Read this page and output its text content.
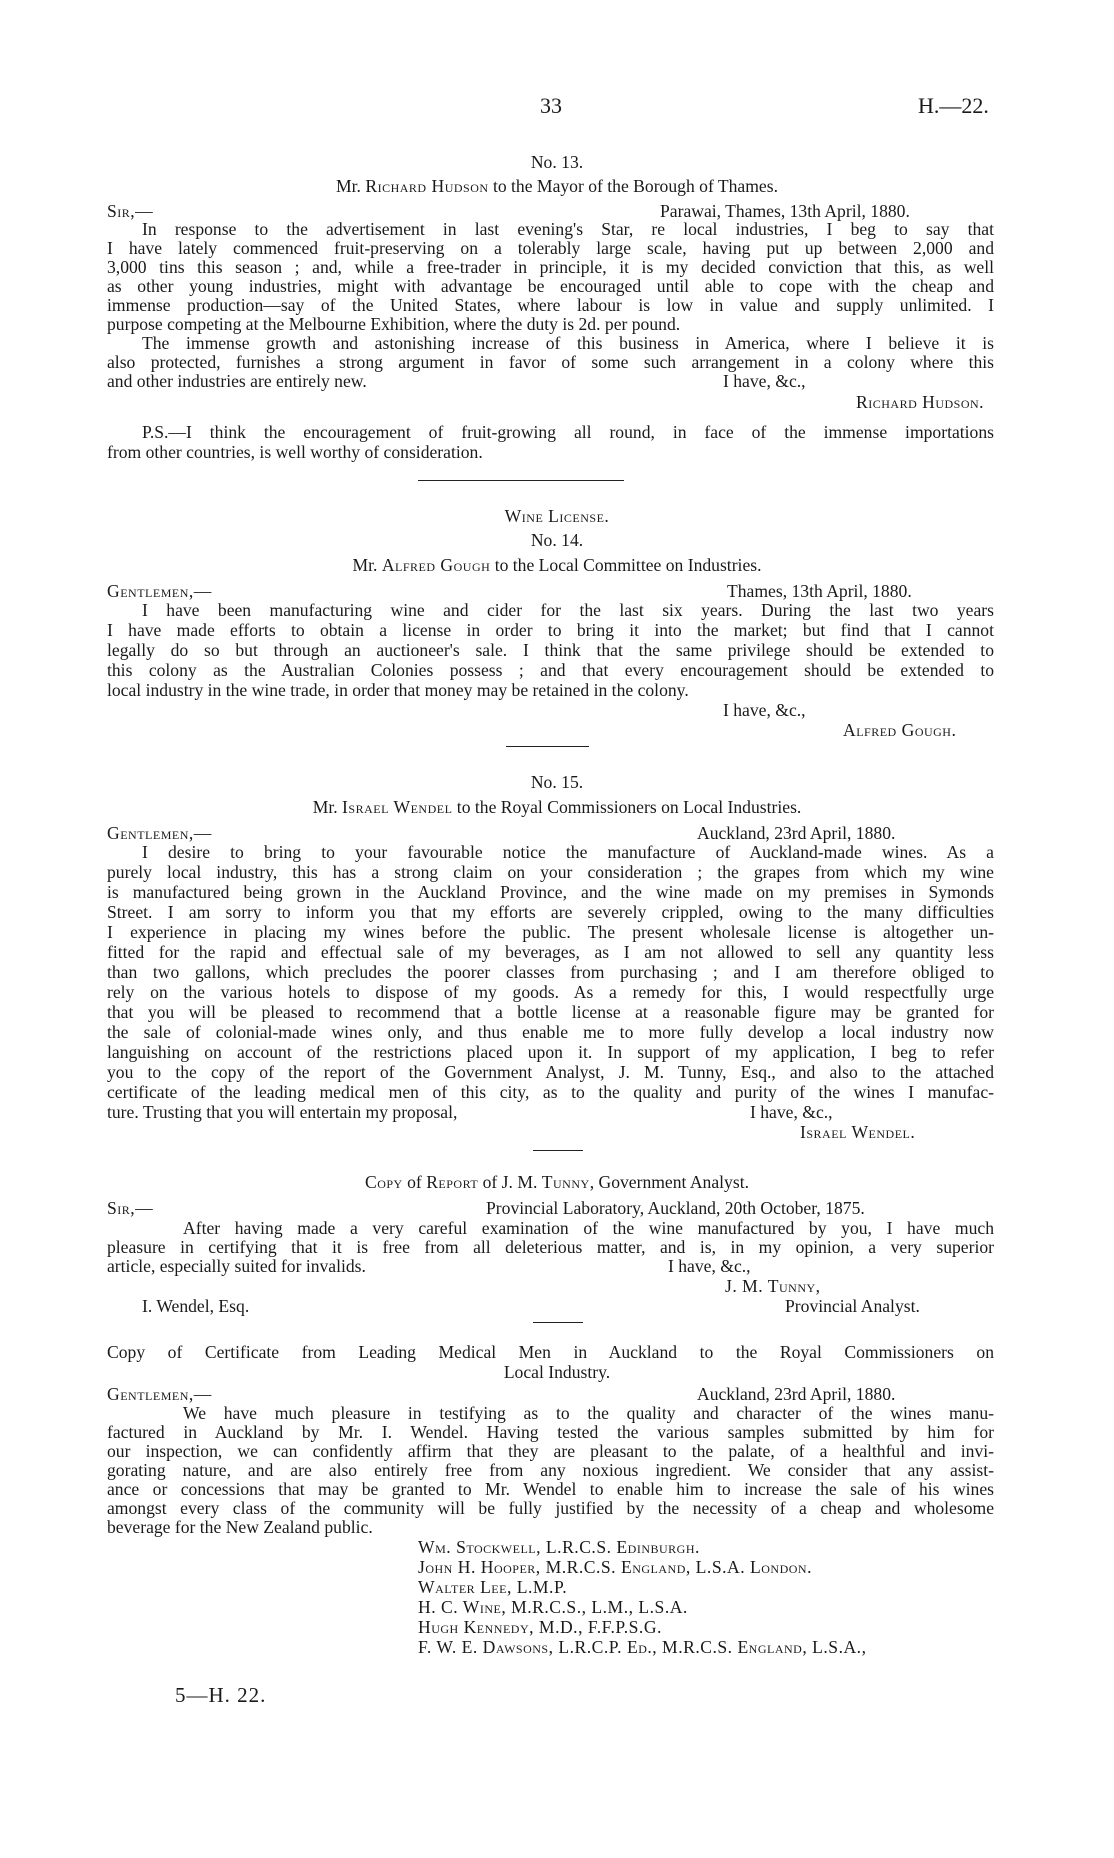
33	H.—22.
No. 13.
Mr. Richard Hudson to the Mayor of the Borough of Thames.
Sir,—	Parawai, Thames, 13th April, 1880.
In response to the advertisement in last evening's Star, re local industries, I beg to say that
I have lately commenced fruit-preserving on a tolerably large scale, having put up between 2,000 and
3,000 tins this season ; and, while a free-trader in principle, it is my decided conviction that this, as well
as other young industries, might with advantage be encouraged until able to cope with the cheap and
immense production—say of the United States, where labour is low in value and supply unlimited. I
purpose competing at the Melbourne Exhibition, where the duty is 2d. per pound.
The immense growth and astonishing increase of this business in America, where I believe it is
also protected, furnishes a strong argument in favor of some such arrangement in a colony where this
and other industries are entirely new.	I have, &c.,
Richard Hudson.
P.S.—I think the encouragement of fruit-growing all round, in face of the immense importations
from other countries, is well worthy of consideration.
Wine License.
No. 14.
Mr. Alfred Gough to the Local Committee on Industries.
Gentlemen,—	Thames, 13th April, 1880.
I have been manufacturing wine and cider for the last six years. During the last two years
I have made efforts to obtain a license in order to bring it into the market; but find that I cannot
legally do so but through an auctioneer's sale. I think that the same privilege should be extended to
this colony as the Australian Colonies possess ; and that every encouragement should be extended to
local industry in the wine trade, in order that money may be retained in the colony.
I have, &c.,
Alfred Gough.
No. 15.
Mr. Israel Wendel to the Royal Commissioners on Local Industries.
Gentlemen,—	Auckland, 23rd April, 1880.
I desire to bring to your favourable notice the manufacture of Auckland-made wines. As a
purely local industry, this has a strong claim on your consideration ; the grapes from which my wine
is manufactured being grown in the Auckland Province, and the wine made on my premises in Symonds
Street. I am sorry to inform you that my efforts are severely crippled, owing to the many difficulties
I experience in placing my wines before the public. The present wholesale license is altogether un-
fitted for the rapid and effectual sale of my beverages, as I am not allowed to sell any quantity less
than two gallons, which precludes the poorer classes from purchasing ; and I am therefore obliged to
rely on the various hotels to dispose of my goods. As a remedy for this, I would respectfully urge
that you will be pleased to recommend that a bottle license at a reasonable figure may be granted for
the sale of colonial-made wines only, and thus enable me to more fully develop a local industry now
languishing on account of the restrictions placed upon it. In support of my application, I beg to refer
you to the copy of the report of the Government Analyst, J. M. Tunny, Esq., and also to the attached
certificate of the leading medical men of this city, as to the quality and purity of the wines I manufac-
ture. Trusting that you will entertain my proposal,	I have, &c.,
Israel Wendel.
Copy of Report of J. M. Tunny, Government Analyst.
Sir,—	Provincial Laboratory, Auckland, 20th October, 1875.
After having made a very careful examination of the wine manufactured by you, I have much
pleasure in certifying that it is free from all deleterious matter, and is, in my opinion, a very superior
article, especially suited for invalids.	I have, &c.,
J. M. Tunny,
I. Wendel, Esq.	Provincial Analyst.
Copy of Certificate from Leading Medical Men in Auckland to the Royal Commissioners on
Local Industry.
Gentlemen,—	Auckland, 23rd April, 1880.
We have much pleasure in testifying as to the quality and character of the wines manu-
factured in Auckland by Mr. I. Wendel. Having tested the various samples submitted by him for
our inspection, we can confidently affirm that they are pleasant to the palate, of a healthful and invi-
gorating nature, and are also entirely free from any noxious ingredient. We consider that any assist-
ance or concessions that may be granted to Mr. Wendel to enable him to increase the sale of his wines
amongst every class of the community will be fully justified by the necessity of a cheap and wholesome
beverage for the New Zealand public.
Wm. Stockwell, L.R.C.S. Edinburgh.
John H. Hooper, M.R.C.S. England, L.S.A. London.
Walter Lee, L.M.P.
H. C. Wine, M.R.C.S., L.M., L.S.A.
Hugh Kennedy, M.D., F.F.P.S.G.
F. W. E. Dawsons, L.R.C.P. Ed., M.R.C.S. England, L.S.A.,
5—H. 22.
